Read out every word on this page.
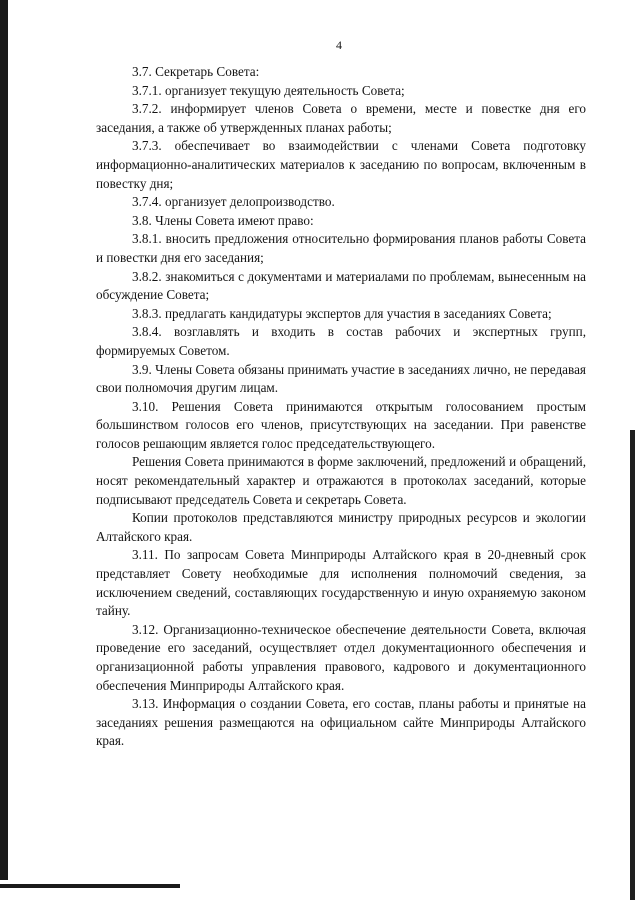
4

3.7. Секретарь Совета:

3.7.1. организует текущую деятельность Совета;

3.7.2. информирует членов Совета о времени, месте и повестке дня его заседания, а также об утвержденных планах работы;

3.7.3. обеспечивает во взаимодействии с членами Совета подготовку информационно-аналитических материалов к заседанию по вопросам, включенным в повестку дня;

3.7.4. организует делопроизводство.

3.8. Члены Совета имеют право:

3.8.1. вносить предложения относительно формирования планов работы Совета и повестки дня его заседания;

3.8.2. знакомиться с документами и материалами по проблемам, вынесенным на обсуждение Совета;

3.8.3. предлагать кандидатуры экспертов для участия в заседаниях Совета;

3.8.4. возглавлять и входить в состав рабочих и экспертных групп, формируемых Советом.

3.9. Члены Совета обязаны принимать участие в заседаниях лично, не передавая свои полномочия другим лицам.

3.10. Решения Совета принимаются открытым голосованием простым большинством голосов его членов, присутствующих на заседании. При равенстве голосов решающим является голос председательствующего.

Решения Совета принимаются в форме заключений, предложений и обращений, носят рекомендательный характер и отражаются в протоколах заседаний, которые подписывают председатель Совета и секретарь Совета.

Копии протоколов представляются министру природных ресурсов и экологии Алтайского края.

3.11. По запросам Совета Минприроды Алтайского края в 20-дневный срок представляет Совету необходимые для исполнения полномочий сведения, за исключением сведений, составляющих государственную и иную охраняемую законом тайну.

3.12. Организационно-техническое обеспечение деятельности Совета, включая проведение его заседаний, осуществляет отдел документационного обеспечения и организационной работы управления правового, кадрового и документационного обеспечения Минприроды Алтайского края.

3.13. Информация о создании Совета, его состав, планы работы и принятые на заседаниях решения размещаются на официальном сайте Минприроды Алтайского края.
